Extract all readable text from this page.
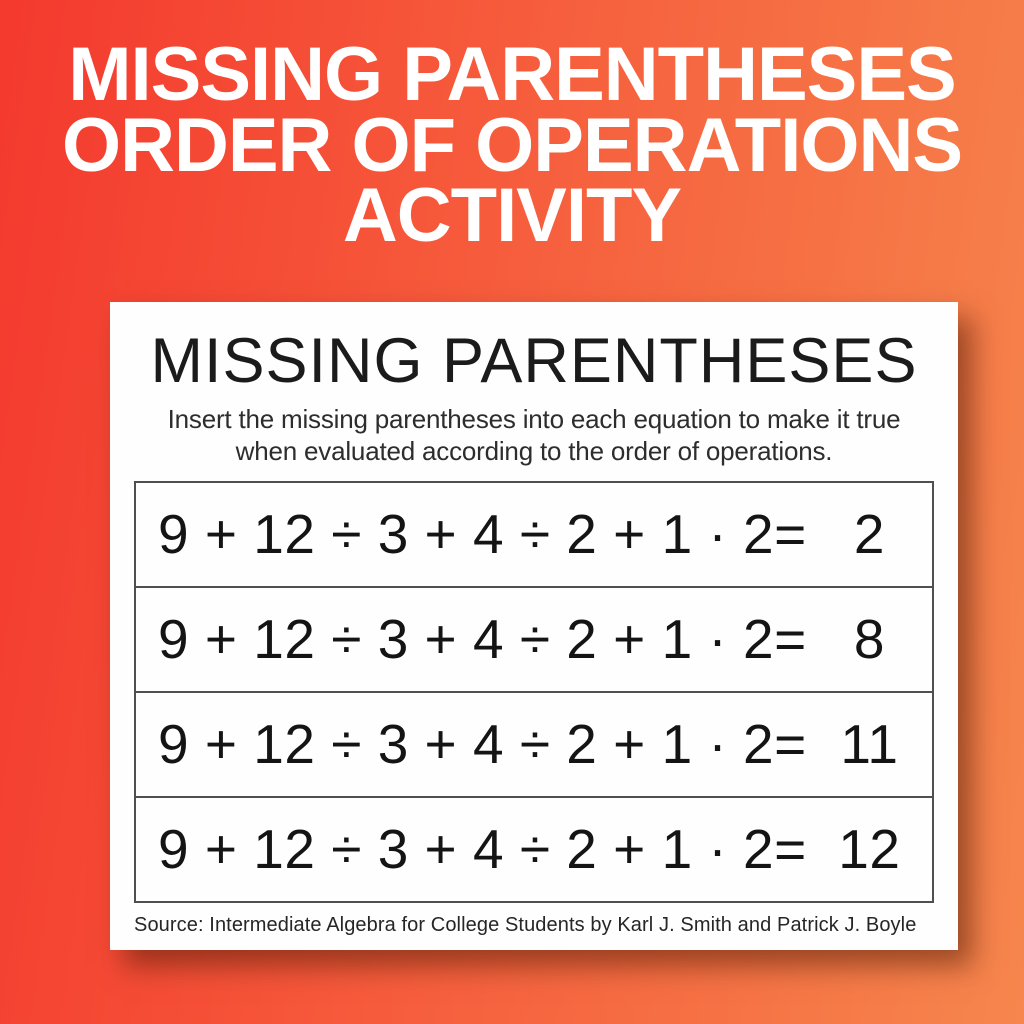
MISSING PARENTHESES
ORDER OF OPERATIONS
ACTIVITY
MISSING PARENTHESES

Insert the missing parentheses into each equation to make it true
when evaluated according to the order of operations.

9 + 12 ÷ 3 + 4 ÷ 2 + 1 · 2 = 2
9 + 12 ÷ 3 + 4 ÷ 2 + 1 · 2 = 8
9 + 12 ÷ 3 + 4 ÷ 2 + 1 · 2 = 11
9 + 12 ÷ 3 + 4 ÷ 2 + 1 · 2 = 12

Source: Intermediate Algebra for College Students by Karl J. Smith and Patrick J. Boyle
